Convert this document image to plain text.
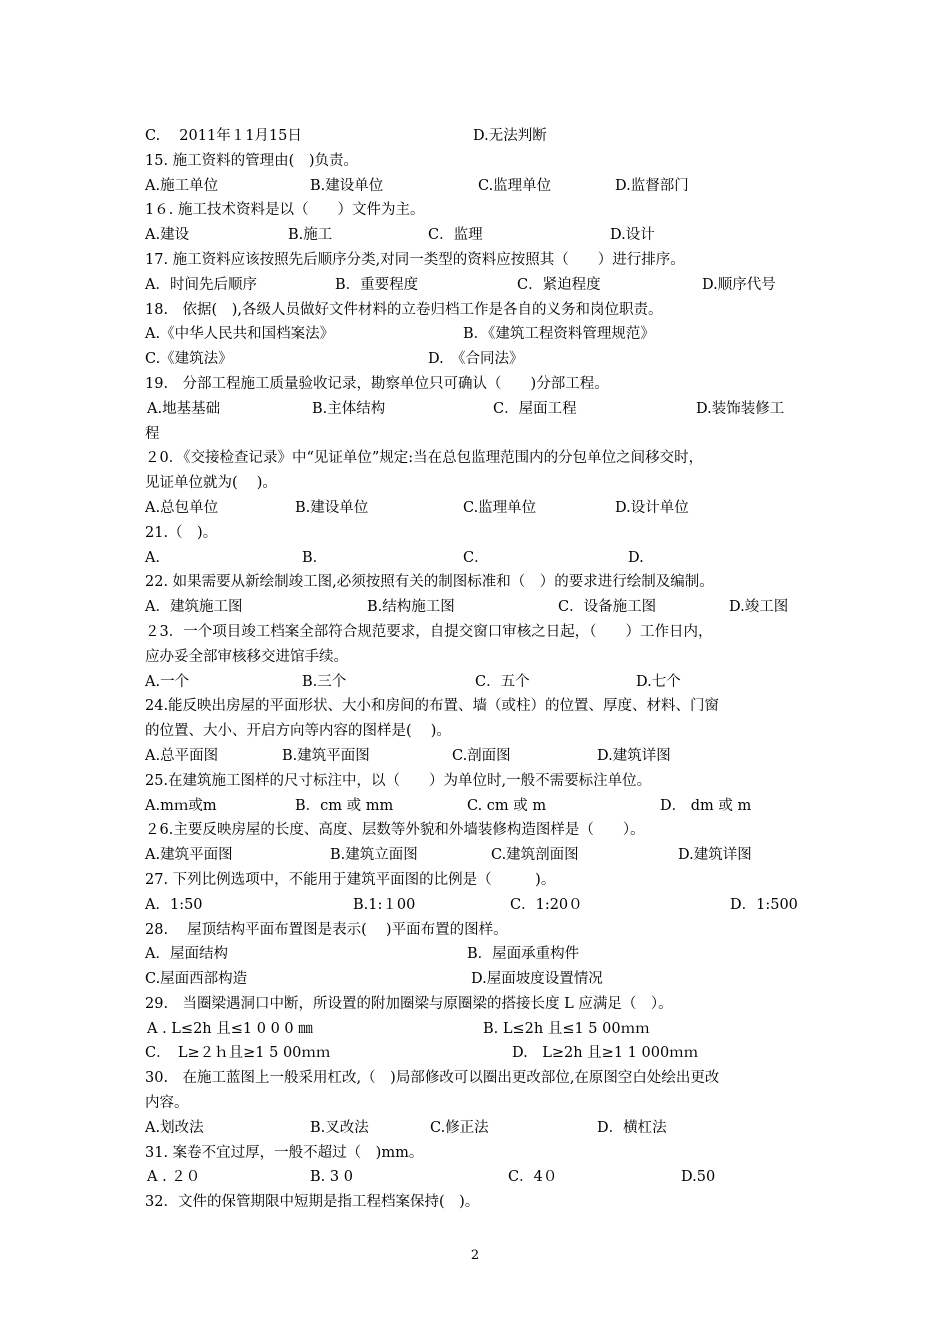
C.　 2011年１1月15日	D.无法判断
15. 施工资料的管理由(　)负责。
A.施工单位	B.建设单位	C.监理单位	D.监督部门
1６. 施工技术资料是以（　　）文件为主。
A.建设	B.施工	C．监理	D.设计
17. 施工资料应该按照先后顺序分类,对同一类型的资料应按照其（　　）进行排序。
A．时间先后顺序	B．重要程度	C．紧迫程度	D.顺序代号
18.　依据(　),各级人员做好文件材料的立卷归档工作是各自的义务和岗位职责。
A.《中华人民共和国档案法》	B．《建筑工程资料管理规范》
C.《建筑法》	D.　《合同法》
19.　分部工程施工质量验收记录，勘察单位只可确认（　　)分部工程。
A.地基基础	B.主体结构	C．屋面工程	D.装饰装修工
程
２0．《交接检查记录》中“见证单位”规定:当在总包监理范围内的分包单位之间移交时，
见证单位就为(　 )。
A.总包单位	B.建设单位	C.监理单位	D.设计单位
21.（　)。
A．	B．	C．	D.
22. 如果需要从新绘制竣工图,必须按照有关的制图标准和（　）的要求进行绘制及编制。
A．建筑施工图	B.结构施工图	C．设备施工图	D.竣工图
２3．一个项目竣工档案全部符合规范要求，自提交窗口审核之日起，（　　）工作日内，
应办妥全部审核移交进馆手续。
A.一个	B.三个	C．五个	D.七个
24.能反映出房屋的平面形状、大小和房间的布置、墙（或柱）的位置、厚度、材料、门窗
的位置、大小、开启方向等内容的图样是(　 )。
A.总平面图	B.建筑平面图	C.剖面图	D.建筑详图
25.在建筑施工图样的尺寸标注中，以（　　）为单位时,一般不需要标注单位。
A.mｍ或m	B．cm 或 mm	C. cm 或 m	D． dm 或 m
２6.主要反映房屋的长度、高度、层数等外貌和外墙装修构造图样是（　　）。
A.建筑平面图	B.建筑立面图	C.建筑剖面图	D.建筑详图
27. 下列比例选项中，不能用于建筑平面图的比例是（　　　)。
A．1:50	B.1:１00	C．1:20０	D．1:500
28.　 屋顶结构平面布置图是表示(　 )平面布置的图样。
A．屋面结构	B．屋面承重构件
C.屋面西部构造	D.屋面坡度设置情况
29.　当圈梁遇洞口中断，所设置的附加圈梁与原圈梁的搭接长度 L 应满足（　）。
A . L≤2h 且≤1 0 0 0 ㎜	B. L≤2h 且≤1 5 00ｍｍ
C．　L≥２ｈ且≥1 5 00ｍｍ	D.　L≥2h 且≥1 1 000ｍｍ
30.　在施工蓝图上一般采用杠改,（　)局部修改可以圈出更改部位,在原图空白处绘出更改
内容。
A.划改法	B.叉改法	C.修正法	D．横杠法
31. 案卷不宜过厚，一般不超过（　)mm。
A . ２０	B. 3 0	C．4０	D.50
32．文件的保管期限中短期是指工程档案保持(　)。
2
